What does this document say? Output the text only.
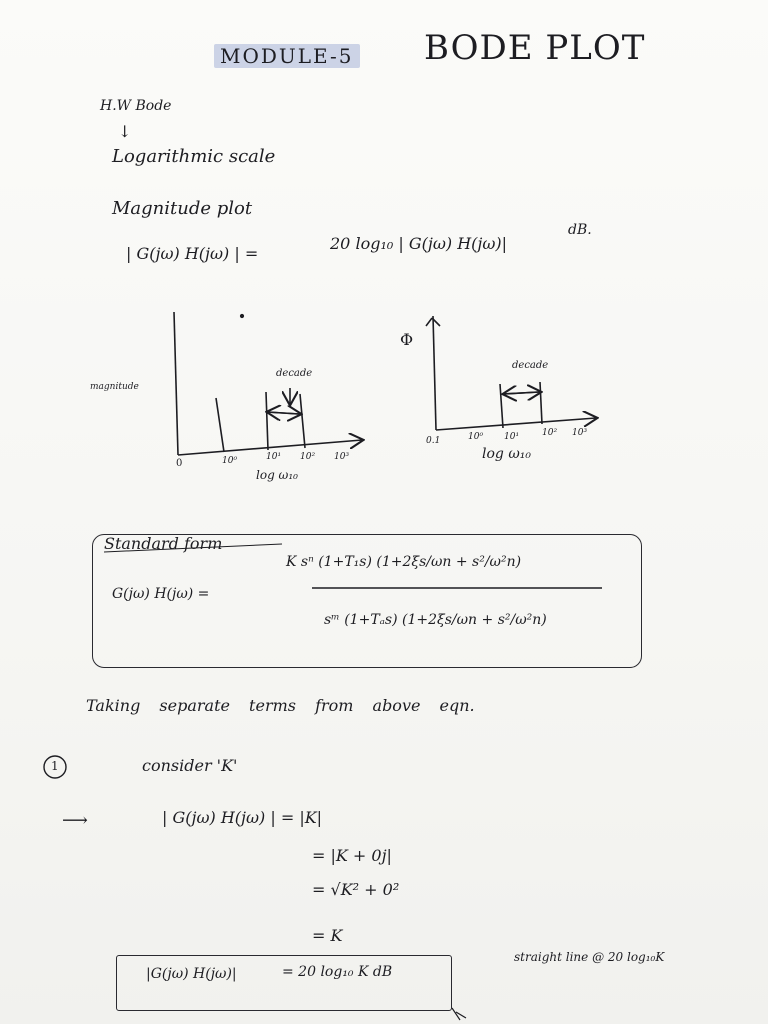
MODULE-5 BODE PLOT
H.W Bode
↓
Logarithmic scale
Magnitude plot
| G(jω) H(jω) | =
20 log₁₀ | G(jω) H(jω)|
dB.
magnitude
decade
0	10⁰	10¹ 10² 10³
log ω₁₀
Φ
decade
0.1	10⁰ 10¹	10² 10³
log ω₁₀
Standard form
G(jω) H(jω) =
K sⁿ (1+T₁s) (1+2ξs/ωn + s²/ω²n)
sᵐ (1+Tₐs) (1+2ξs/ωn + s²/ω²n)
Taking separate terms from above eqn.
1	consider 'K'
⟶	| G(jω) H(jω) | = |K|
= |K + 0j|
= √K² + 0²
= K
|G(jω) H(jω)|	= 20 log₁₀ K dB
straight line @ 20 log₁₀K
